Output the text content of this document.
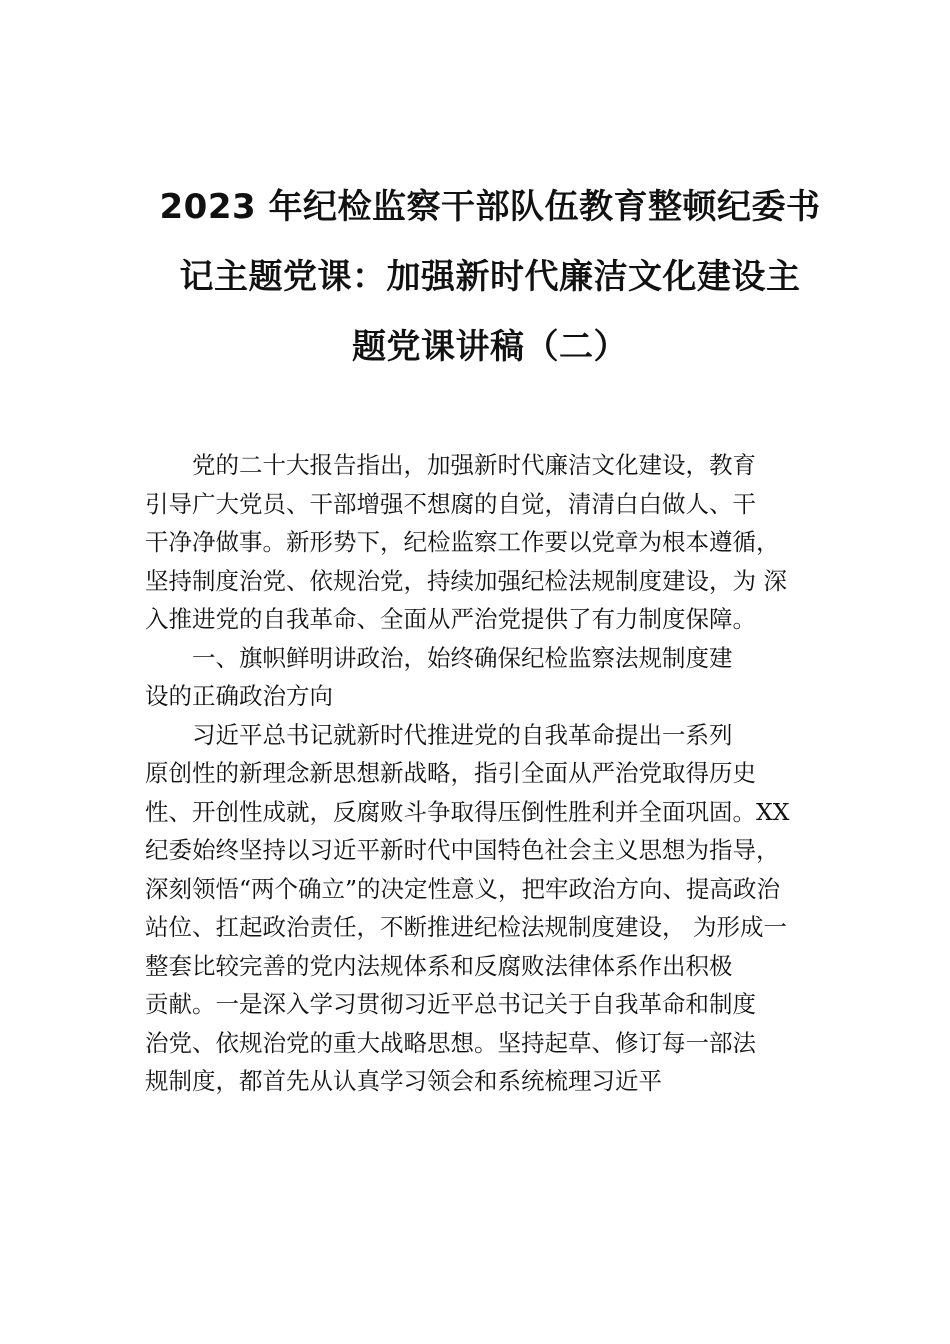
2023 年纪检监察干部队伍教育整顿纪委书
记主题党课：加强新时代廉洁文化建设主
题党课讲稿（二）
党的二十大报告指出，加强新时代廉洁文化建设，教育
引导广大党员、干部增强不想腐的自觉，清清白白做人、干
干净净做事。新形势下，纪检监察工作要以党章为根本遵循，
坚持制度治党、依规治党，持续加强纪检法规制度建设，为 深
入推进党的自我革命、全面从严治党提供了有力制度保障。
一、旗帜鲜明讲政治，始终确保纪检监察法规制度建
设的正确政治方向
习近平总书记就新时代推进党的自我革命提出一系列
原创性的新理念新思想新战略，指引全面从严治党取得历史
性、开创性成就，反腐败斗争取得压倒性胜利并全面巩固。XX
纪委始终坚持以习近平新时代中国特色社会主义思想为指导，
深刻领悟“两个确立”的决定性意义，把牢政治方向、提高政治
站位、扛起政治责任，不断推进纪检法规制度建设， 为形成一
整套比较完善的党内法规体系和反腐败法律体系作出积极
贡献。一是深入学习贯彻习近平总书记关于自我革命和制度
治党、依规治党的重大战略思想。坚持起草、修订每一部法
规制度，都首先从认真学习领会和系统梳理习近平
